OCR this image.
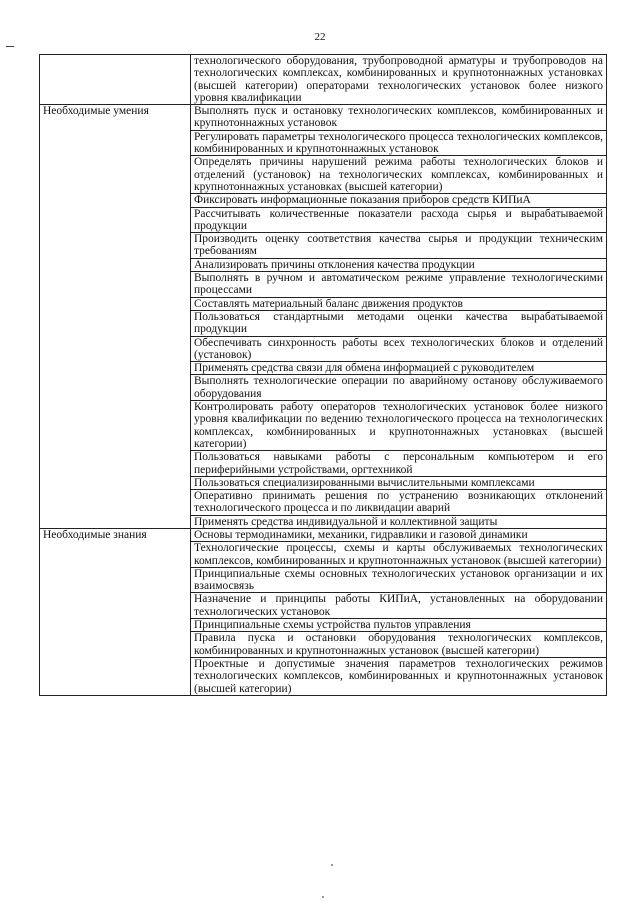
22
	технологического оборудования, трубопроводной арматуры и трубопроводов на технологических комплексах, комбинированных и крупнотоннажных установках (высшей категории) операторами технологических установок более низкого уровня квалификации
Необходимые умения	Выполнять пуск и остановку технологических комплексов, комбинированных и крупнотоннажных установок
	Регулировать параметры технологического процесса технологических комплексов, комбинированных и крупнотоннажных установок
	Определять причины нарушений режима работы технологических блоков и отделений (установок) на технологических комплексах, комбинированных и крупнотоннажных установках (высшей категории)
	Фиксировать информационные показания приборов средств КИПиА
	Рассчитывать количественные показатели расхода сырья и вырабатываемой продукции
	Производить оценку соответствия качества сырья и продукции техническим требованиям
	Анализировать причины отклонения качества продукции
	Выполнять в ручном и автоматическом режиме управление технологическими процессами
	Составлять материальный баланс движения продуктов
	Пользоваться стандартными методами оценки качества вырабатываемой продукции
	Обеспечивать синхронность работы всех технологических блоков и отделений (установок)
	Применять средства связи для обмена информацией с руководителем
	Выполнять технологические операции по аварийному останову обслуживаемого оборудования
	Контролировать работу операторов технологических установок более низкого уровня квалификации по ведению технологического процесса на технологических комплексах, комбинированных и крупнотоннажных установках (высшей категории)
	Пользоваться навыками работы с персональным компьютером и его периферийными устройствами, оргтехникой
	Пользоваться специализированными вычислительными комплексами
	Оперативно принимать решения по устранению возникающих отклонений технологического процесса и по ликвидации аварий
	Применять средства индивидуальной и коллективной защиты
Необходимые знания	Основы термодинамики, механики, гидравлики и газовой динамики
	Технологические процессы, схемы и карты обслуживаемых технологических комплексов, комбинированных и крупнотоннажных установок (высшей категории)
	Принципиальные схемы основных технологических установок организации и их взаимосвязь
	Назначение и принципы работы КИПиА, установленных на оборудовании технологических установок
	Принципиальные схемы устройства пультов управления
	Правила пуска и остановки оборудования технологических комплексов, комбинированных и крупнотоннажных установок (высшей категории)
	Проектные и допустимые значения параметров технологических режимов технологических комплексов, комбинированных и крупнотоннажных установок (высшей категории)
